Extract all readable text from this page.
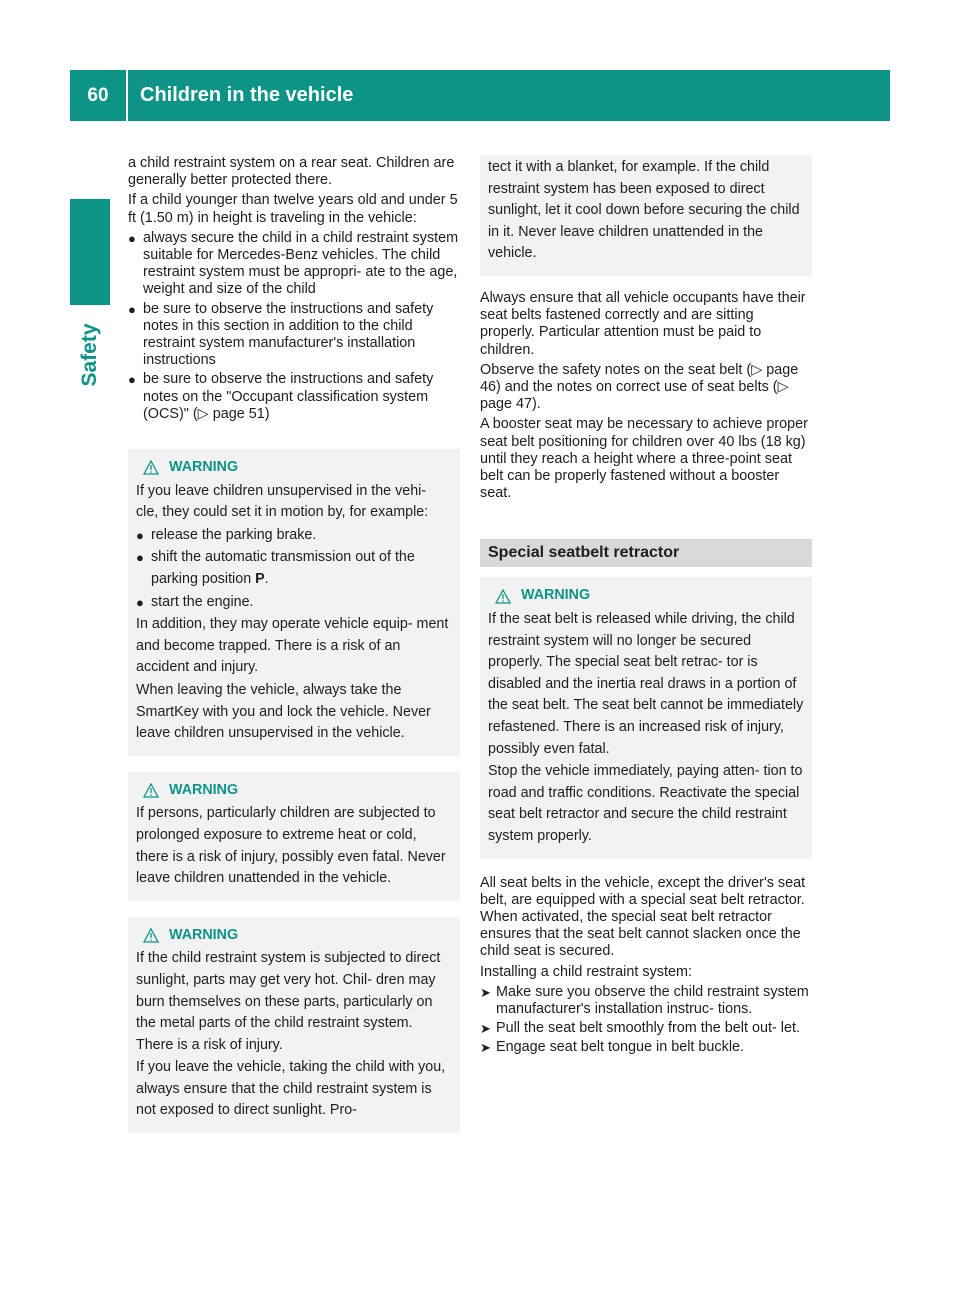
60	Children in the vehicle
Safety

a child restraint system on a rear seat. Children are generally better protected there.

If a child younger than twelve years old and under 5 ft (1.50 m) in height is traveling in the vehicle:

● always secure the child in a child restraint system suitable for Mercedes-Benz vehicles. The child restraint system must be appropri- ate to the age, weight and size of the child
● be sure to observe the instructions and safety notes in this section in addition to the child restraint system manufacturer's installation instructions
● be sure to observe the instructions and safety notes on the "Occupant classification system (OCS)" (▷ page 51)
WARNING

If you leave children unsupervised in the vehi- cle, they could set it in motion by, for example:

● release the parking brake.
● shift the automatic transmission out of the parking position P.
● start the engine.

In addition, they may operate vehicle equip- ment and become trapped. There is a risk of an accident and injury.

When leaving the vehicle, always take the SmartKey with you and lock the vehicle. Never leave children unsupervised in the vehicle.

WARNING

If persons, particularly children are subjected to prolonged exposure to extreme heat or cold, there is a risk of injury, possibly even fatal. Never leave children unattended in the vehicle.

WARNING

If the child restraint system is subjected to direct sunlight, parts may get very hot. Chil- dren may burn themselves on these parts, particularly on the metal parts of the child restraint system. There is a risk of injury.

If you leave the vehicle, taking the child with you, always ensure that the child restraint system is not exposed to direct sunlight. Pro-

tect it with a blanket, for example. If the child restraint system has been exposed to direct sunlight, let it cool down before securing the child in it. Never leave children unattended in the vehicle.

Always ensure that all vehicle occupants have their seat belts fastened correctly and are sitting properly. Particular attention must be paid to children.

Observe the safety notes on the seat belt (▷ page 46) and the notes on correct use of seat belts (▷ page 47).

A booster seat may be necessary to achieve proper seat belt positioning for children over 40 lbs (18 kg) until they reach a height where a three-point seat belt can be properly fastened without a booster seat.

Special seatbelt retractor
WARNING

If the seat belt is released while driving, the child restraint system will no longer be secured properly. The special seat belt retrac- tor is disabled and the inertia real draws in a portion of the seat belt. The seat belt cannot be immediately refastened. There is an increased risk of injury, possibly even fatal.

Stop the vehicle immediately, paying atten- tion to road and traffic conditions. Reactivate the special seat belt retractor and secure the child restraint system properly.

All seat belts in the vehicle, except the driver's seat belt, are equipped with a special seat belt retractor. When activated, the special seat belt retractor ensures that the seat belt cannot slacken once the child seat is secured.

Installing a child restraint system:

➤ Make sure you observe the child restraint system manufacturer's installation instruc- tions.
➤ Pull the seat belt smoothly from the belt out- let.
➤ Engage seat belt tongue in belt buckle.
